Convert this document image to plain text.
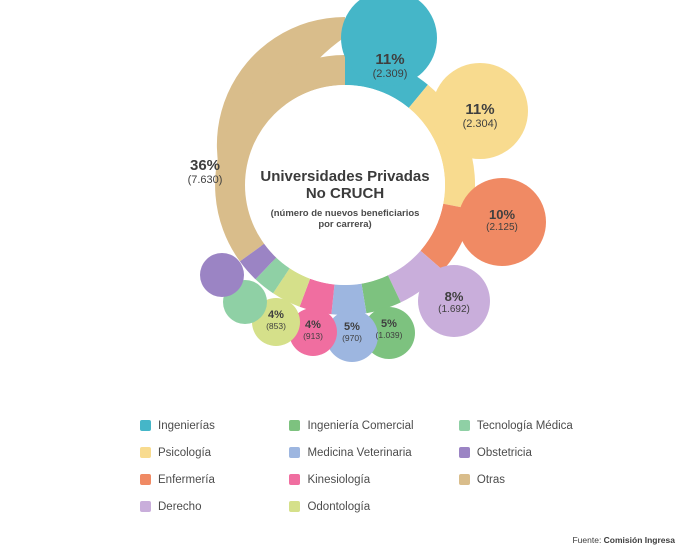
Universidades Privadas
No CRUCH
(número de nuevos beneficiarios
por carrera)
11%
(2.309)
11%
(2.304)
10%
(2.125)
8%
(1.692)
5%
(1.039)
5%
(970)
4%
(913)
4%
(853)
36%
(7.630)
Ingenierías
Psicología
Enfermería
Derecho

Ingeniería Comercial
Medicina Veterinaria
Kinesiología
Odontología

Tecnología Médica
Obstetricia
Otras
Fuente: Comisión Ingresa
